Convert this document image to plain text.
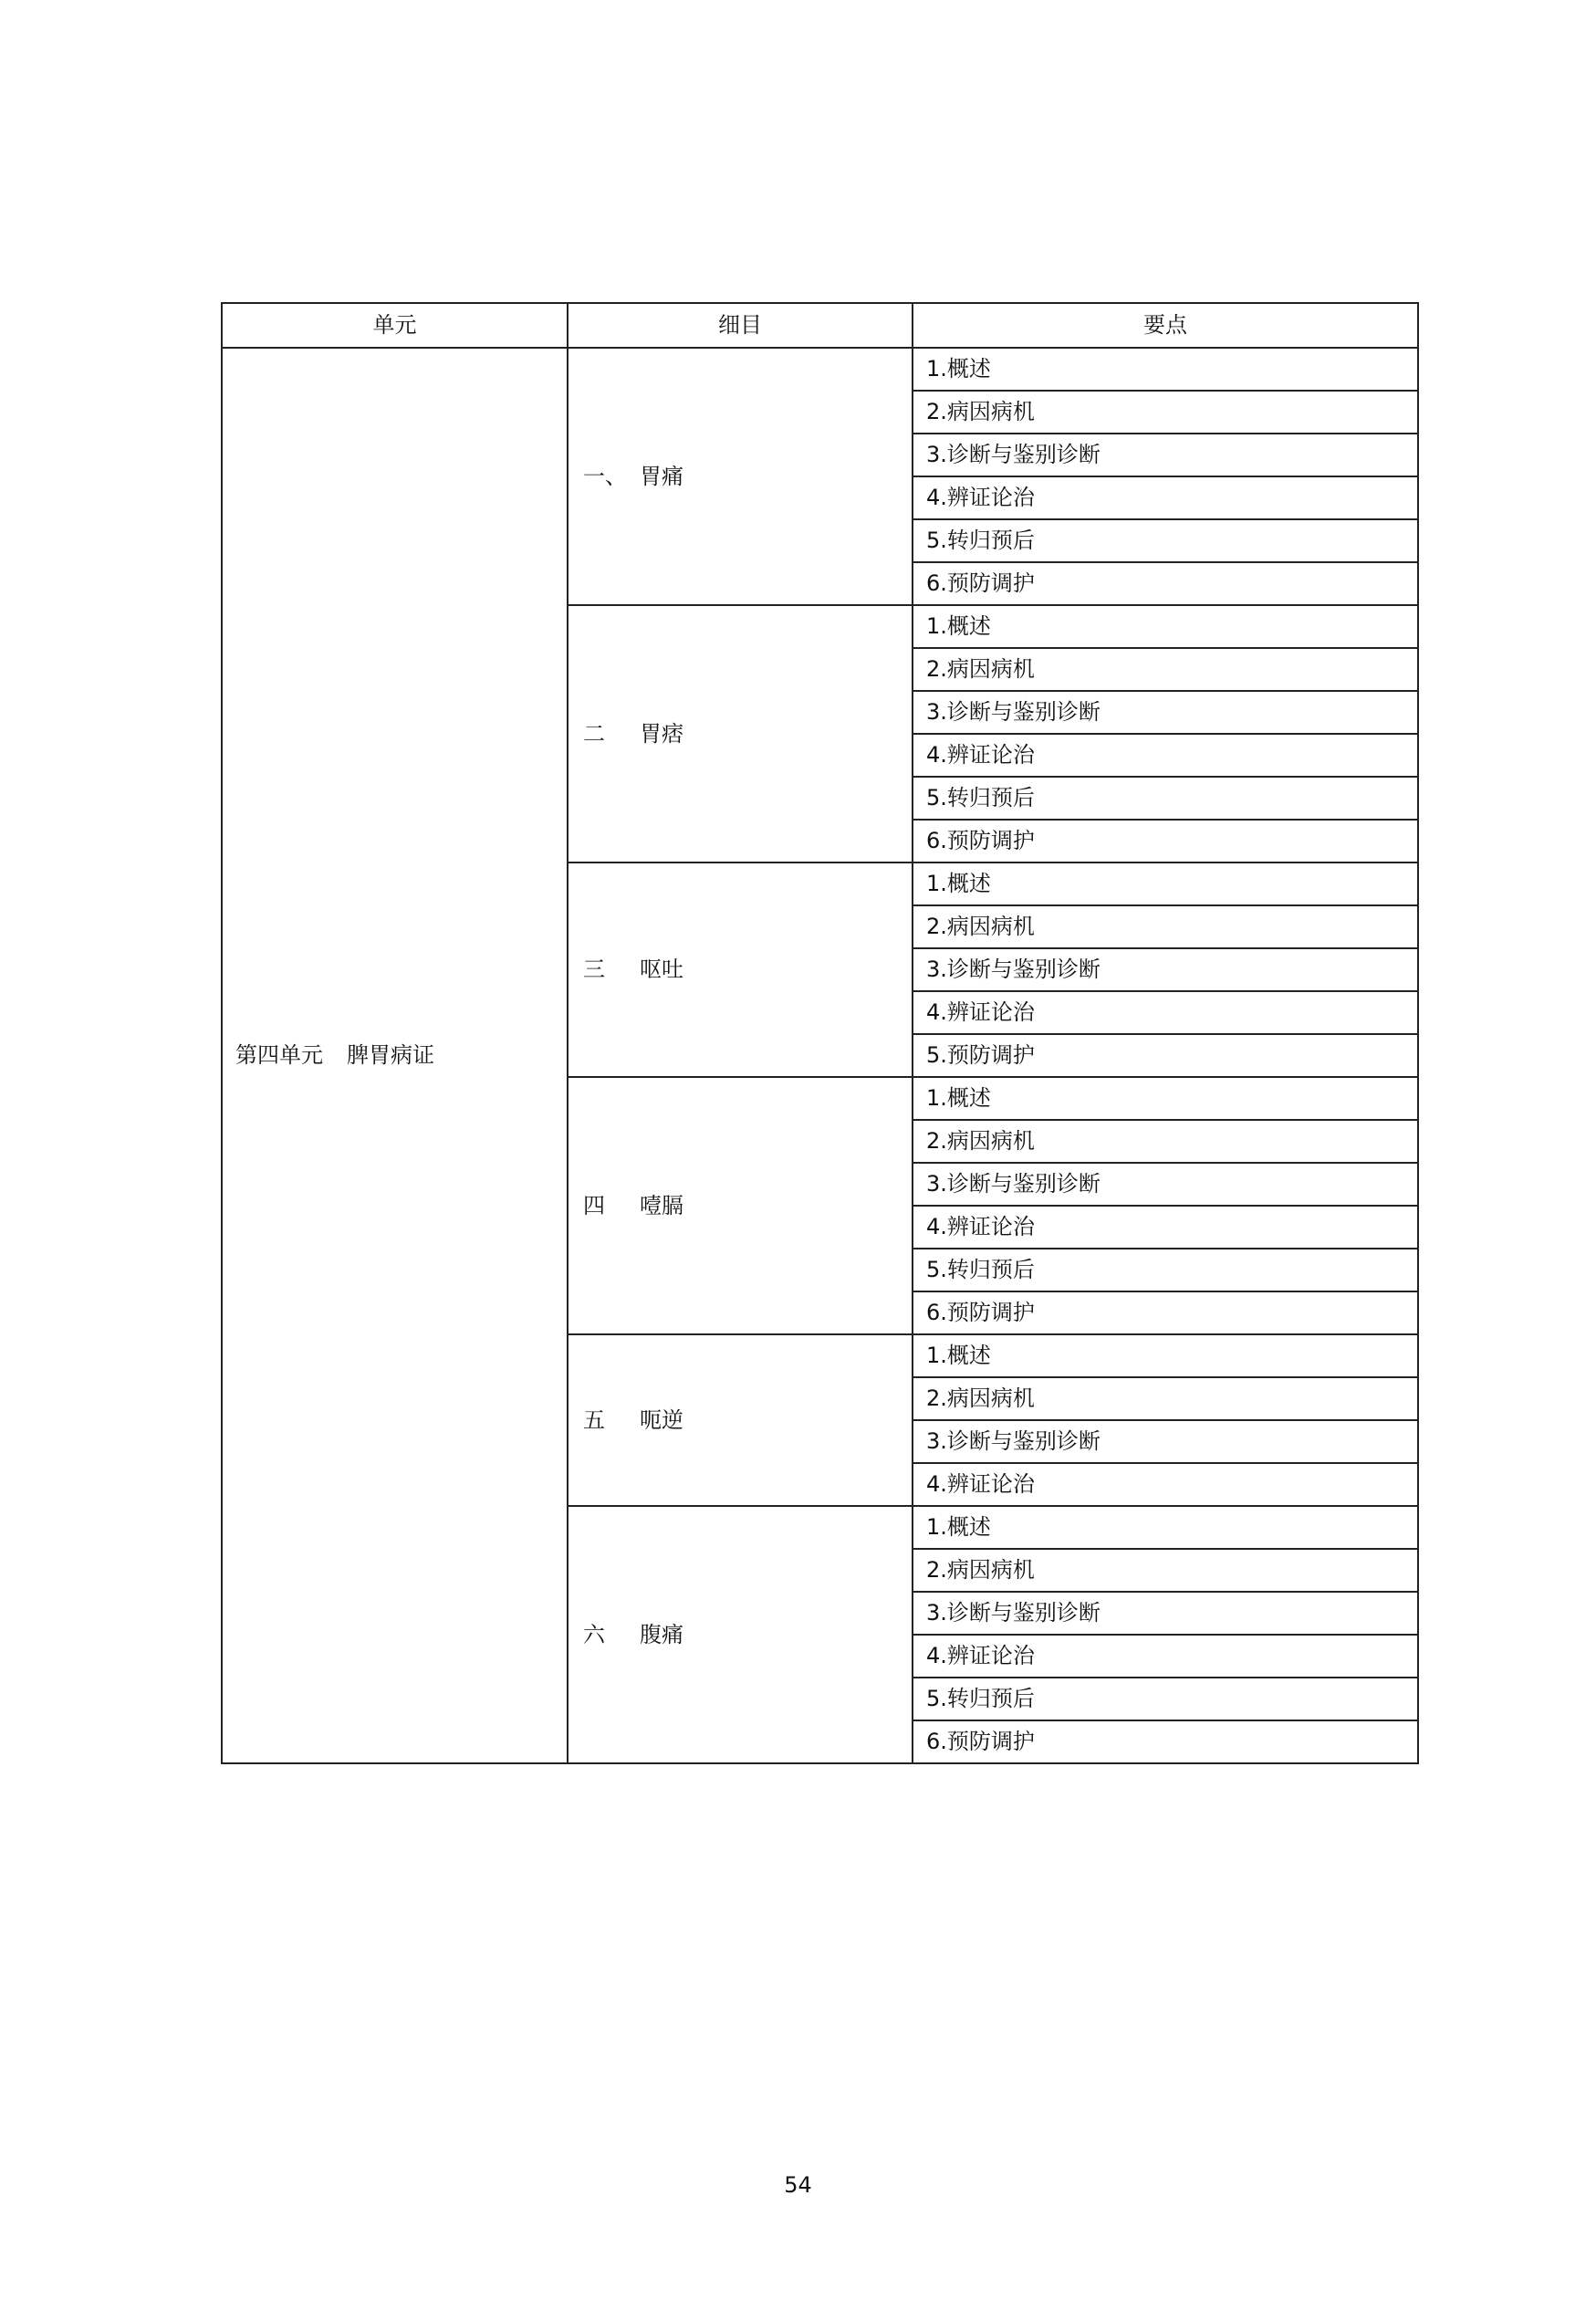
单元	细目	要点
第四单元 脾胃病证	一、 胃痛	1.概述
		2.病因病机
		3.诊断与鉴别诊断
		4.辨证论治
		5.转归预后
		6.预防调护
	二 胃痞	1.概述
		2.病因病机
		3.诊断与鉴别诊断
		4.辨证论治
		5.转归预后
		6.预防调护
	三 呕吐	1.概述
		2.病因病机
		3.诊断与鉴别诊断
		4.辨证论治
		5.预防调护
	四 噎膈	1.概述
		2.病因病机
		3.诊断与鉴别诊断
		4.辨证论治
		5.转归预后
		6.预防调护
	五 呃逆	1.概述
		2.病因病机
		3.诊断与鉴别诊断
		4.辨证论治
	六 腹痛	1.概述
		2.病因病机
		3.诊断与鉴别诊断
		4.辨证论治
		5.转归预后
		6.预防调护
54
